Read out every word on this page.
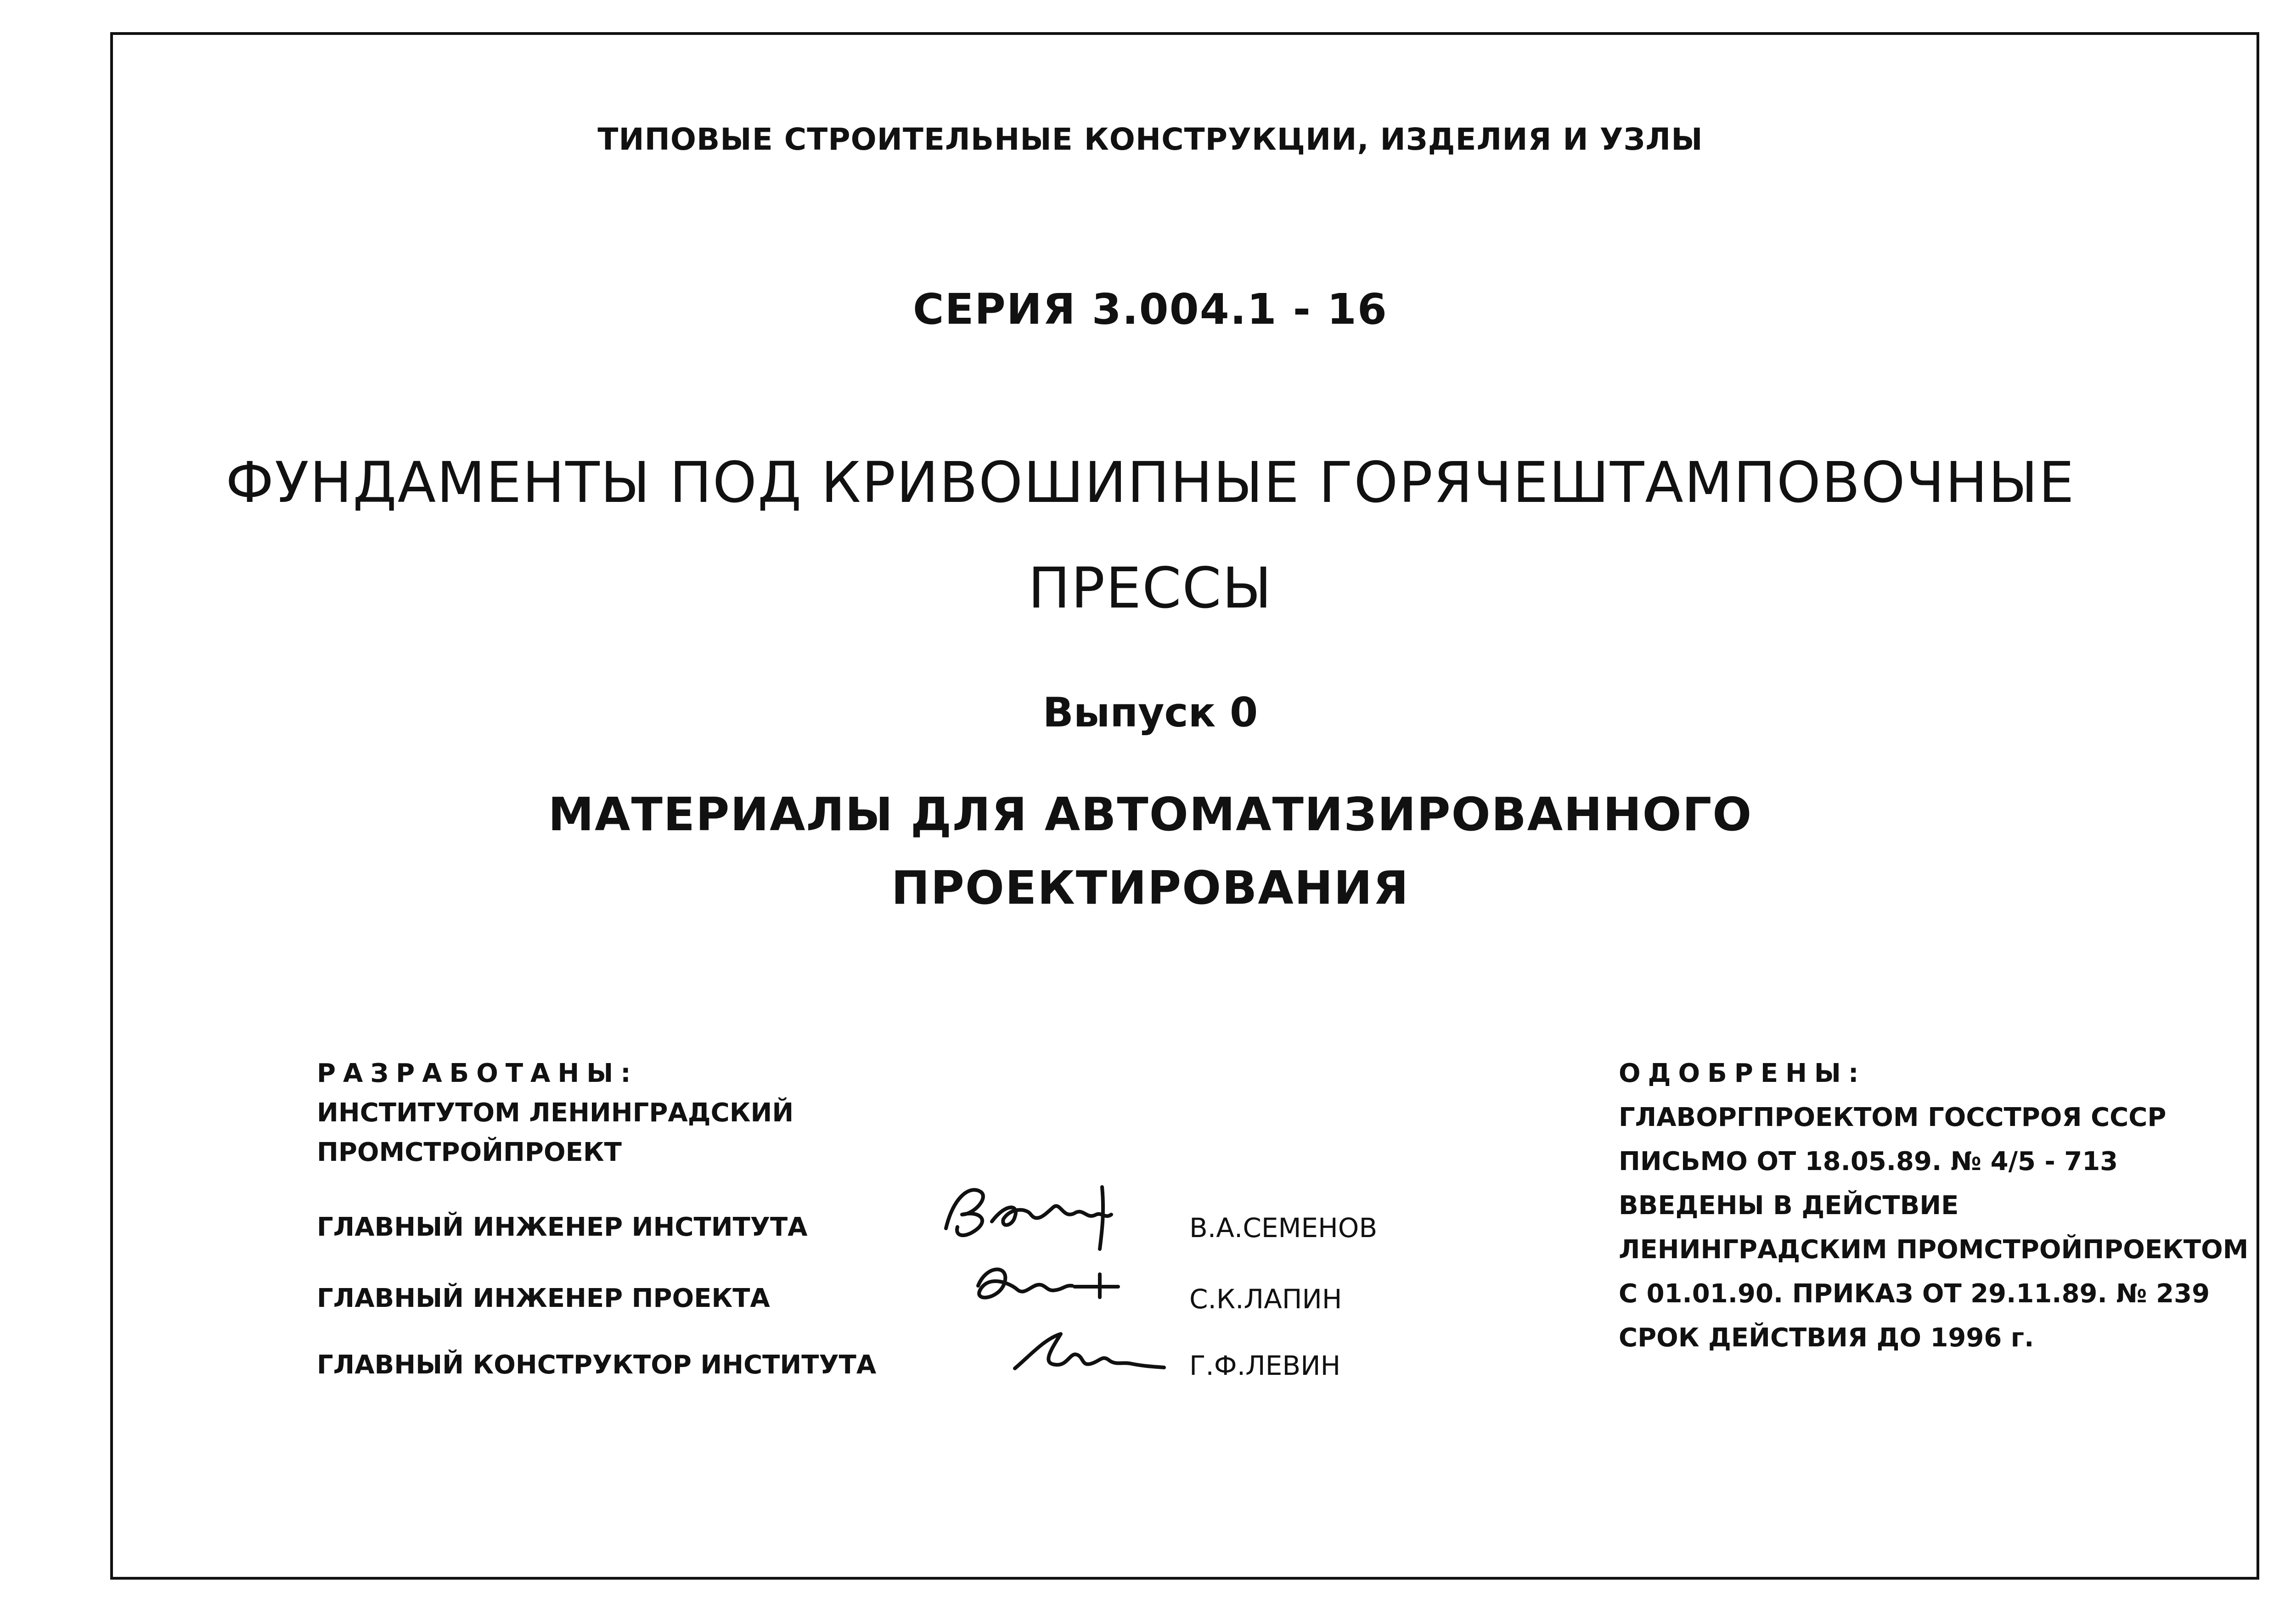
ТИПОВЫЕ СТРОИТЕЛЬНЫЕ КОНСТРУКЦИИ, ИЗДЕЛИЯ И УЗЛЫ
СЕРИЯ 3.004.1 - 16
ФУНДАМЕНТЫ ПОД КРИВОШИПНЫЕ ГОРЯЧЕШТАМПОВОЧНЫЕ
ПРЕССЫ
Выпуск 0
МАТЕРИАЛЫ ДЛЯ АВТОМАТИЗИРОВАННОГО
ПРОЕКТИРОВАНИЯ
РАЗРАБОТАНЫ:
ИНСТИТУТОМ ЛЕНИНГРАДСКИЙ
ПРОМСТРОЙПРОЕКТ
ГЛАВНЫЙ ИНЖЕНЕР ИНСТИТУТА
ГЛАВНЫЙ ИНЖЕНЕР ПРОЕКТА
ГЛАВНЫЙ КОНСТРУКТОР ИНСТИТУТА
В.А.СЕМЕНОВ
С.К.ЛАПИН
Г.Ф.ЛЕВИН
ОДОБРЕНЫ:
ГЛАВОРГПРОЕКТОМ ГОССТРОЯ СССР
ПИСЬМО ОТ 18.05.89. № 4/5 - 713
ВВЕДЕНЫ В ДЕЙСТВИЕ
ЛЕНИНГРАДСКИМ ПРОМСТРОЙПРОЕКТОМ
С 01.01.90. ПРИКАЗ ОТ 29.11.89. № 239
СРОК ДЕЙСТВИЯ ДО 1996 г.
